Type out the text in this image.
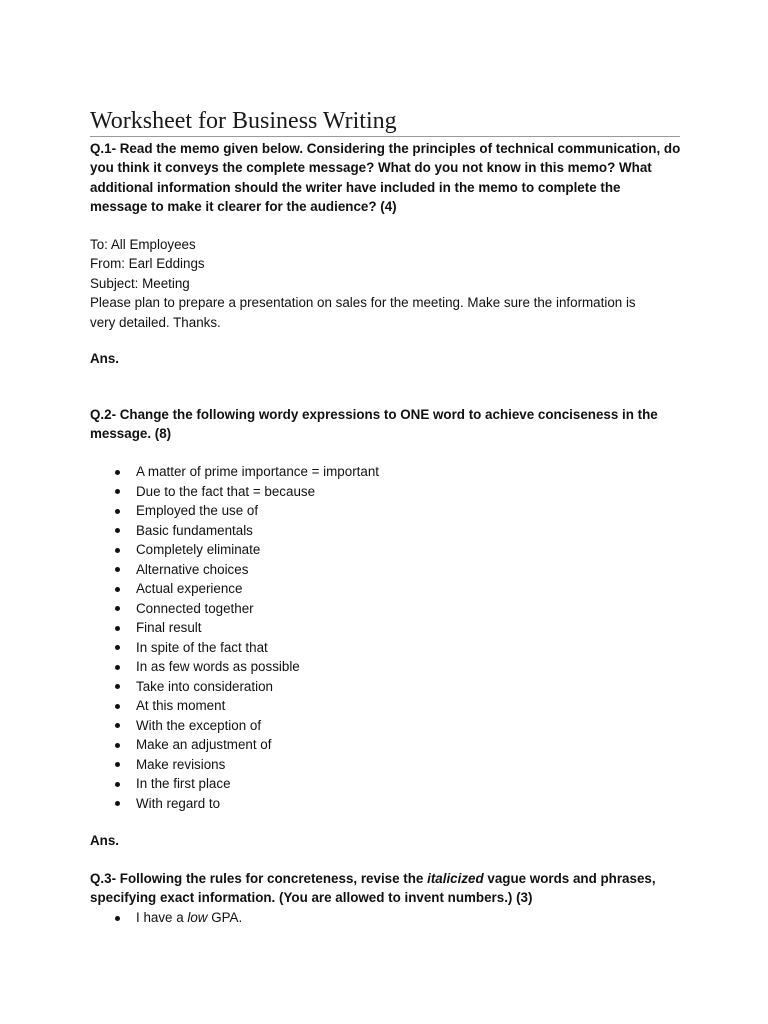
Worksheet for Business Writing
Q.1- Read the memo given below. Considering the principles of technical communication, do
you think it conveys the complete message? What do you not know in this memo? What
additional information should the writer have included in the memo to complete the
message to make it clearer for the audience? (4)
To: All Employees
From: Earl Eddings
Subject: Meeting
Please plan to prepare a presentation on sales for the meeting. Make sure the information is
very detailed. Thanks.
Ans.
Q.2- Change the following wordy expressions to ONE word to achieve conciseness in the
message. (8)
A matter of prime importance = important
Due to the fact that = because
Employed the use of
Basic fundamentals
Completely eliminate
Alternative choices
Actual experience
Connected together
Final result
In spite of the fact that
In as few words as possible
Take into consideration
At this moment
With the exception of
Make an adjustment of
Make revisions
In the first place
With regard to
Ans.
Q.3- Following the rules for concreteness, revise the italicized vague words and phrases,
specifying exact information. (You are allowed to invent numbers.) (3)
I have a low GPA.
